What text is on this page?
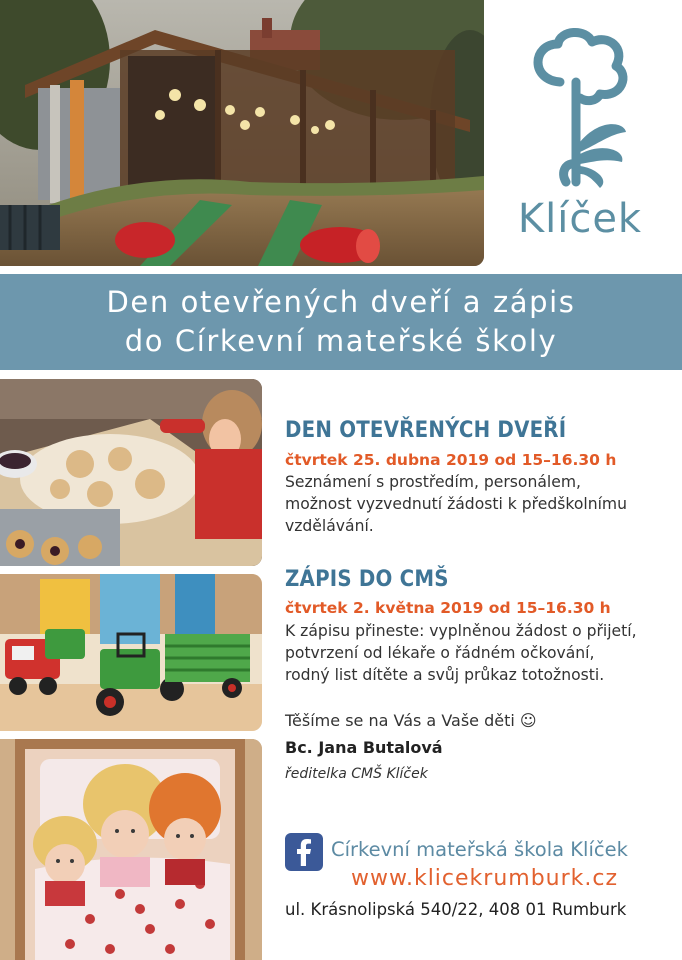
Klíček
Den otevřených dveří a zápis
do Církevní mateřské školy
DEN OTEVŘENÝCH DVEŘÍ
čtvrtek 25. dubna 2019 od 15–16.30 h
Seznámení s prostředím, personálem,
možnost vyzvednutí žádosti k předškolnímu
vzdělávání.
ZÁPIS DO CMŠ
čtvrtek 2. května 2019 od 15–16.30 h
K zápisu přineste: vyplněnou žádost o přijetí,
potvrzení od lékaře o řádném očkování,
rodný list dítěte a svůj průkaz totožnosti.
Těšíme se na Vás a Vaše děti ☺
Bc. Jana Butalová
ředitelka CMŠ Klíček
Církevní mateřská škola Klíček
www.klicekrumburk.cz
ul. Krásnolipská 540/22, 408 01 Rumburk
